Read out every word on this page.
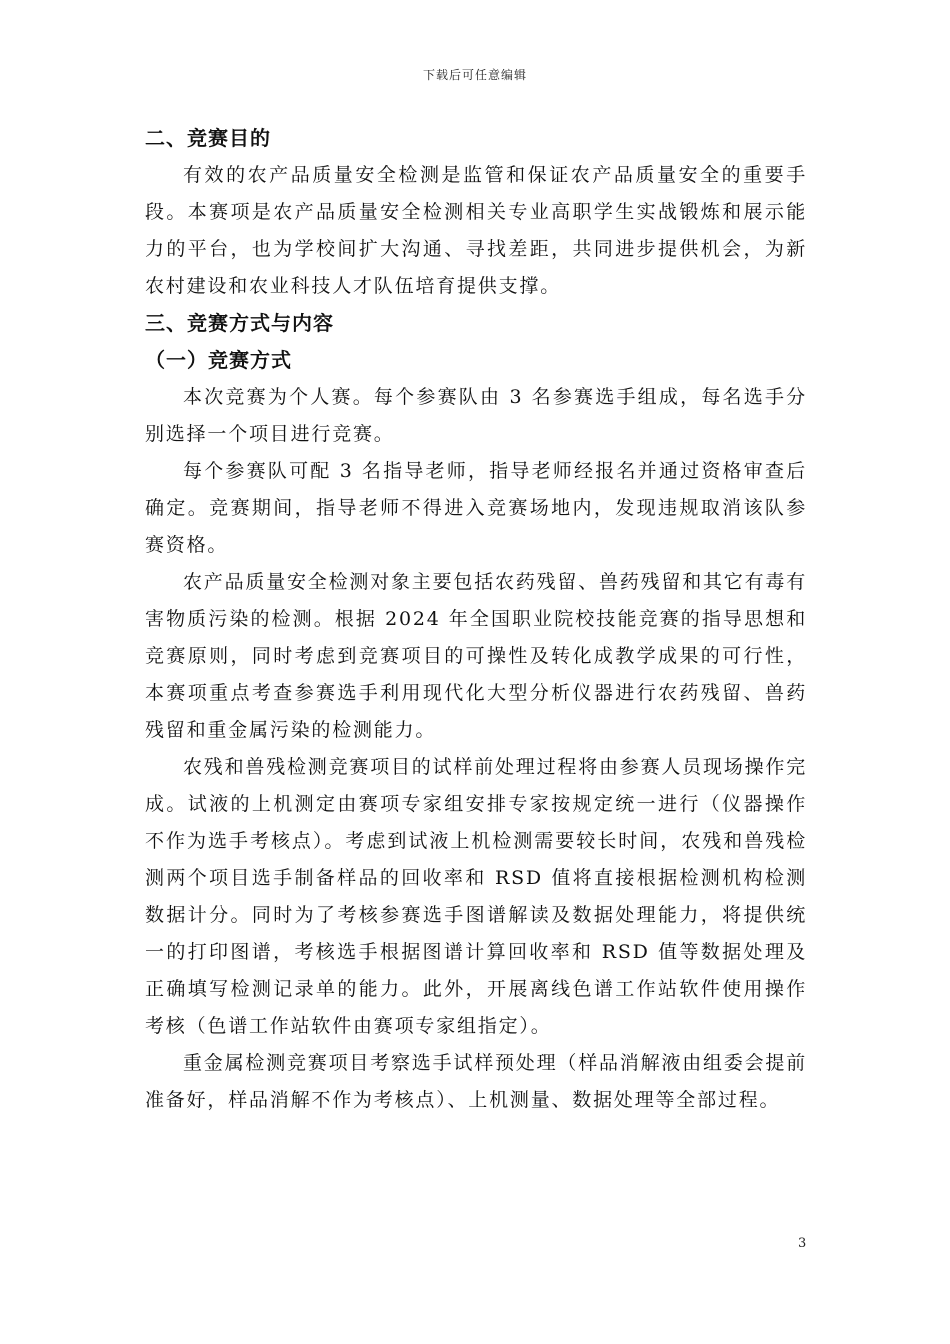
下载后可任意编辑
二、竞赛目的

有效的农产品质量安全检测是监管和保证农产品质量安全的重要手段。本赛项是农产品质量安全检测相关专业高职学生实战锻炼和展示能力的平台，也为学校间扩大沟通、寻找差距，共同进步提供机会，为新农村建设和农业科技人才队伍培育提供支撑。

三、竞赛方式与内容
（一）竞赛方式

本次竞赛为个人赛。每个参赛队由 3 名参赛选手组成，每名选手分别选择一个项目进行竞赛。

每个参赛队可配 3 名指导老师，指导老师经报名并通过资格审查后确定。竞赛期间，指导老师不得进入竞赛场地内，发现违规取消该队参赛资格。

农产品质量安全检测对象主要包括农药残留、兽药残留和其它有毒有害物质污染的检测。根据 2024 年全国职业院校技能竞赛的指导思想和竞赛原则，同时考虑到竞赛项目的可操性及转化成教学成果的可行性，本赛项重点考查参赛选手利用现代化大型分析仪器进行农药残留、兽药残留和重金属污染的检测能力。

农残和兽残检测竞赛项目的试样前处理过程将由参赛人员现场操作完成。试液的上机测定由赛项专家组安排专家按规定统一进行（仪器操作不作为选手考核点）。考虑到试液上机检测需要较长时间，农残和兽残检测两个项目选手制备样品的回收率和 RSD 值将直接根据检测机构检测数据计分。同时为了考核参赛选手图谱解读及数据处理能力，将提供统一的打印图谱，考核选手根据图谱计算回收率和 RSD 值等数据处理及正确填写检测记录单的能力。此外，开展离线色谱工作站软件使用操作考核（色谱工作站软件由赛项专家组指定）。

重金属检测竞赛项目考察选手试样预处理（样品消解液由组委会提前准备好，样品消解不作为考核点）、上机测量、数据处理等全部过程。

3
